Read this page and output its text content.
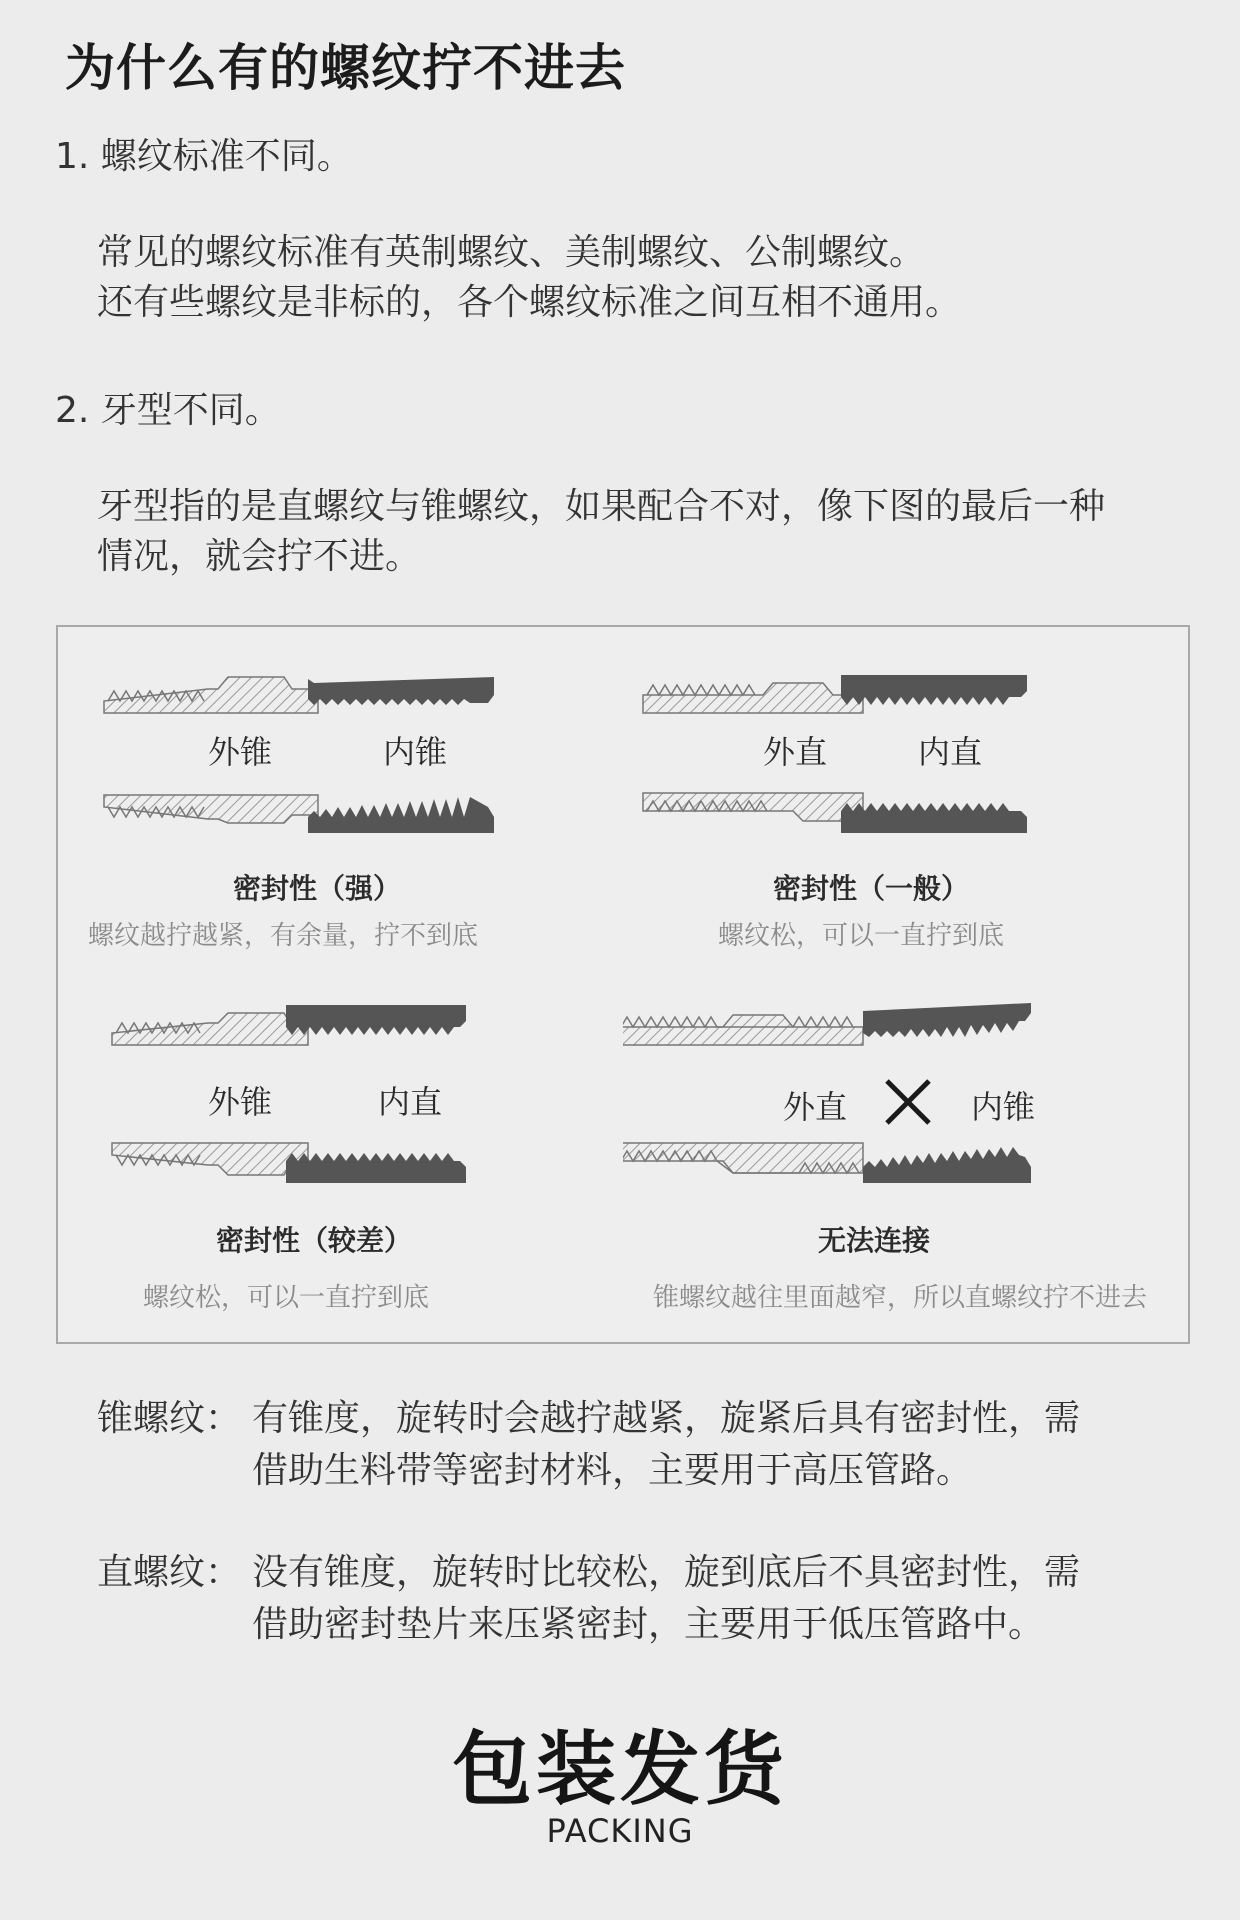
为什么有的螺纹拧不进去
1. 螺纹标准不同。
常见的螺纹标准有英制螺纹、美制螺纹、公制螺纹。
还有些螺纹是非标的，各个螺纹标准之间互相不通用。
2. 牙型不同。
牙型指的是直螺纹与锥螺纹，如果配合不对，像下图的最后一种
情况，就会拧不进。
外锥	内锥
密封性（强）
螺纹越拧越紧，有余量，拧不到底
外直	内直
密封性（一般）
螺纹松，可以一直拧到底
外锥	内直
密封性（较差）
螺纹松，可以一直拧到底
外直	内锥
无法连接
锥螺纹越往里面越窄，所以直螺纹拧不进去
锥螺纹： 有锥度，旋转时会越拧越紧，旋紧后具有密封性，需
借助生料带等密封材料，主要用于高压管路。
直螺纹： 没有锥度，旋转时比较松，旋到底后不具密封性，需
借助密封垫片来压紧密封，主要用于低压管路中。
包装发货
PACKING
